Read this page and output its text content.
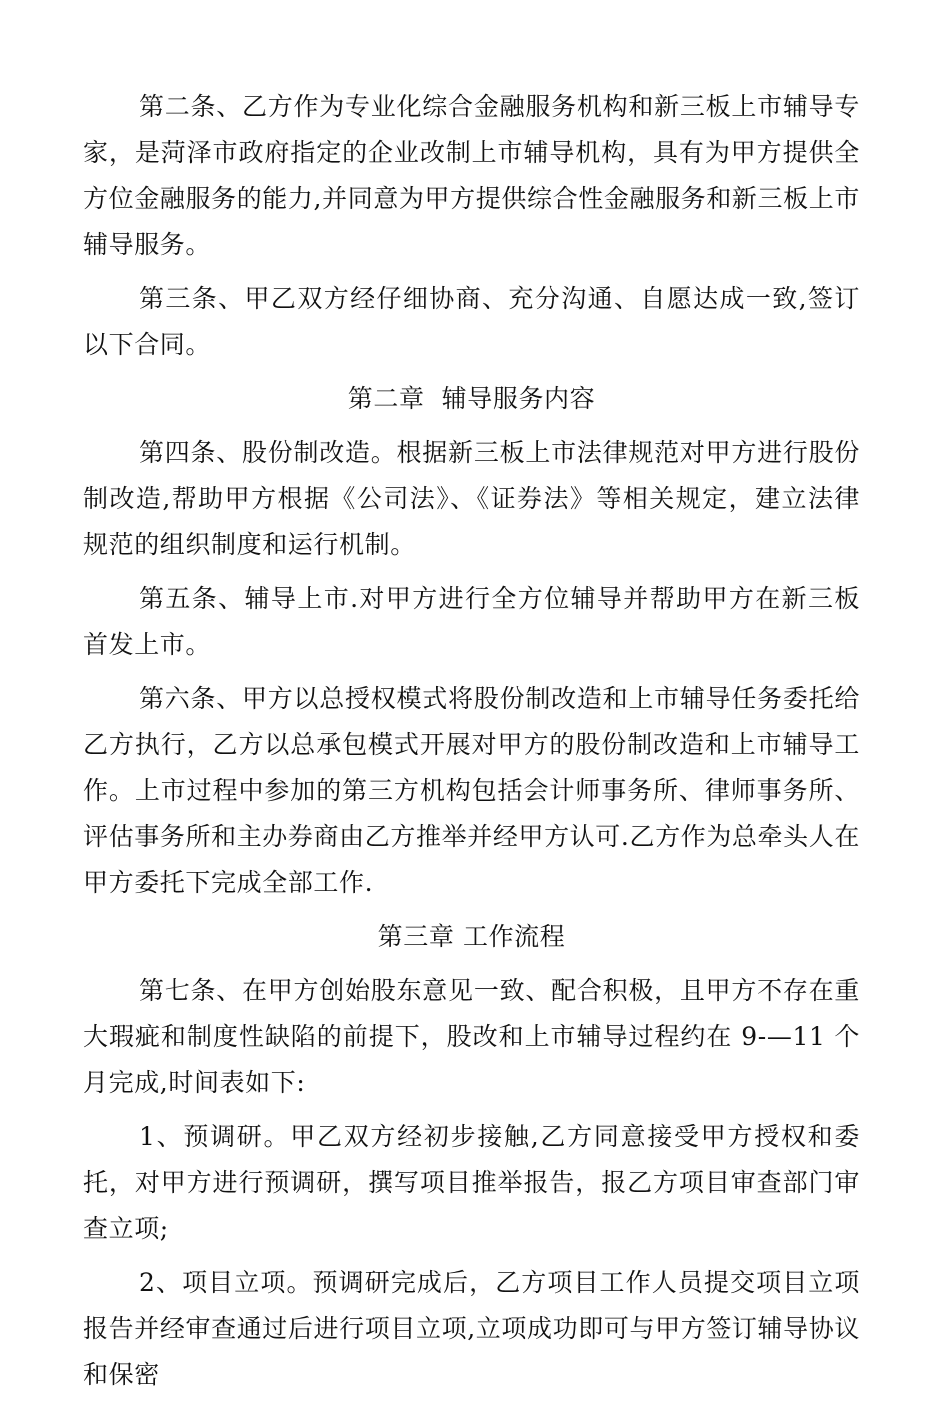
第二条、乙方作为专业化综合金融服务机构和新三板上市辅导专家，是菏泽市政府指定的企业改制上市辅导机构，具有为甲方提供全方位金融服务的能力,并同意为甲方提供综合性金融服务和新三板上市辅导服务。

第三条、甲乙双方经仔细协商、充分沟通、自愿达成一致,签订以下合同。

第二章  辅导服务内容

第四条、股份制改造。根据新三板上市法律规范对甲方进行股份制改造,帮助甲方根据《公司法》、《证券法》等相关规定，建立法律规范的组织制度和运行机制。

第五条、辅导上市.对甲方进行全方位辅导并帮助甲方在新三板首发上市。

第六条、甲方以总授权模式将股份制改造和上市辅导任务委托给乙方执行，乙方以总承包模式开展对甲方的股份制改造和上市辅导工作。上市过程中参加的第三方机构包括会计师事务所、律师事务所、评估事务所和主办券商由乙方推举并经甲方认可.乙方作为总牵头人在甲方委托下完成全部工作.

第三章 工作流程

第七条、在甲方创始股东意见一致、配合积极，且甲方不存在重大瑕疵和制度性缺陷的前提下，股改和上市辅导过程约在 9-—11 个月完成,时间表如下:

1、预调研。甲乙双方经初步接触,乙方同意接受甲方授权和委托，对甲方进行预调研，撰写项目推举报告，报乙方项目审查部门审查立项;

2、项目立项。预调研完成后，乙方项目工作人员提交项目立项报告并经审查通过后进行项目立项,立项成功即可与甲方签订辅导协议和保密
